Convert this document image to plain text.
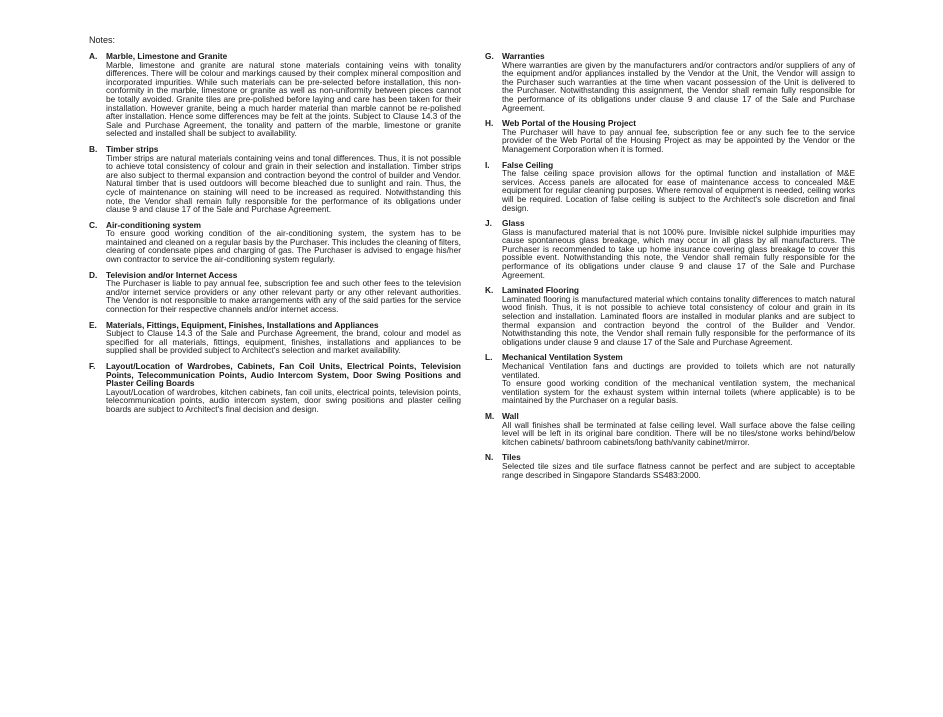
Notes:
A.	Marble, Limestone and Granite
Marble, limestone and granite are natural stone materials containing veins with tonality differences. There will be colour and markings caused by their complex mineral composition and incorporated impurities. While such materials can be pre-selected before installation, this non-conformity in the marble, limestone or granite as well as non-uniformity between pieces cannot be totally avoided. Granite tiles are pre-polished before laying and care has been taken for their installation. However granite, being a much harder material than marble cannot be re-polished after installation. Hence some differences may be felt at the joints. Subject to Clause 14.3 of the Sale and Purchase Agreement, the tonality and pattern of the marble, limestone or granite selected and installed shall be subject to availability.
B.	Timber strips
Timber strips are natural materials containing veins and tonal differences. Thus, it is not possible to achieve total consistency of colour and grain in their selection and installation. Timber strips are also subject to thermal expansion and contraction beyond the control of builder and Vendor. Natural timber that is used outdoors will become bleached due to sunlight and rain. Thus, the cycle of maintenance on staining will need to be increased as required. Notwithstanding this note, the Vendor shall remain fully responsible for the performance of its obligations under clause 9 and clause 17 of the Sale and Purchase Agreement.
C.	Air-conditioning system
To ensure good working condition of the air-conditioning system, the system has to be maintained and cleaned on a regular basis by the Purchaser. This includes the cleaning of filters, clearing of condensate pipes and charging of gas. The Purchaser is advised to engage his/her own contractor to service the air-conditioning system regularly.
D.	Television and/or Internet Access
The Purchaser is liable to pay annual fee, subscription fee and such other fees to the television and/or internet service providers or any other relevant party or any other relevant authorities. The Vendor is not responsible to make arrangements with any of the said parties for the service connection for their respective channels and/or internet access.
E.	Materials, Fittings, Equipment, Finishes, Installations and Appliances
Subject to Clause 14.3 of the Sale and Purchase Agreement, the brand, colour and model as specified for all materials, fittings, equipment, finishes, installations and appliances to be supplied shall be provided subject to Architect's selection and market availability.
F.	Layout/Location of Wardrobes, Cabinets, Fan Coil Units, Electrical Points, Television Points, Telecommunication Points, Audio Intercom System, Door Swing Positions and Plaster Ceiling Boards
Layout/Location of wardrobes, kitchen cabinets, fan coil units, electrical points, television points, telecommunication points, audio intercom system, door swing positions and plaster ceiling boards are subject to Architect's final decision and design.
G. Warranties
Where warranties are given by the manufacturers and/or contractors and/or suppliers of any of the equipment and/or appliances installed by the Vendor at the Unit, the Vendor will assign to the Purchaser such warranties at the time when vacant possession of the Unit is delivered to the Purchaser. Notwithstanding this assignment, the Vendor shall remain fully responsible for the performance of its obligations under clause 9 and clause 17 of the Sale and Purchase Agreement.
H.	Web Portal of the Housing Project
The Purchaser will have to pay annual fee, subscription fee or any such fee to the service provider of the Web Portal of the Housing Project as may be appointed by the Vendor or the Management Corporation when it is formed.
I.	False Ceiling
The false ceiling space provision allows for the optimal function and installation of M&E services. Access panels are allocated for ease of maintenance access to concealed M&E equipment for regular cleaning purposes. Where removal of equipment is needed, ceiling works will be required. Location of false ceiling is subject to the Architect's sole discretion and final design.
J.	Glass
Glass is manufactured material that is not 100% pure. Invisible nickel sulphide impurities may cause spontaneous glass breakage, which may occur in all glass by all manufacturers. The Purchaser is recommended to take up home insurance covering glass breakage to cover this possible event. Notwithstanding this note, the Vendor shall remain fully responsible for the performance of its obligations under clause 9 and clause 17 of the Sale and Purchase Agreement.
K.	Laminated Flooring
Laminated flooring is manufactured material which contains tonality differences to match natural wood finish. Thus, it is not possible to achieve total consistency of colour and grain in its selection and installation. Laminated floors are installed in modular planks and are subject to thermal expansion and contraction beyond the control of the Builder and Vendor. Notwithstanding this note, the Vendor shall remain fully responsible for the performance of its obligations under clause 9 and clause 17 of the Sale and Purchase Agreement.
L.	Mechanical Ventilation System
Mechanical Ventilation fans and ductings are provided to toilets which are not naturally ventilated.
To ensure good working condition of the mechanical ventilation system, the mechanical ventilation system for the exhaust system within internal toilets (where applicable) is to be maintained by the Purchaser on a regular basis.
M. Wall
All wall finishes shall be terminated at false ceiling level. Wall surface above the false ceiling level will be left in its original bare condition. There will be no tiles/stone works behind/below kitchen cabinets/ bathroom cabinets/long bath/vanity cabinet/mirror.
N.	Tiles
Selected tile sizes and tile surface flatness cannot be perfect and are subject to acceptable range described in Singapore Standards SS483:2000.
